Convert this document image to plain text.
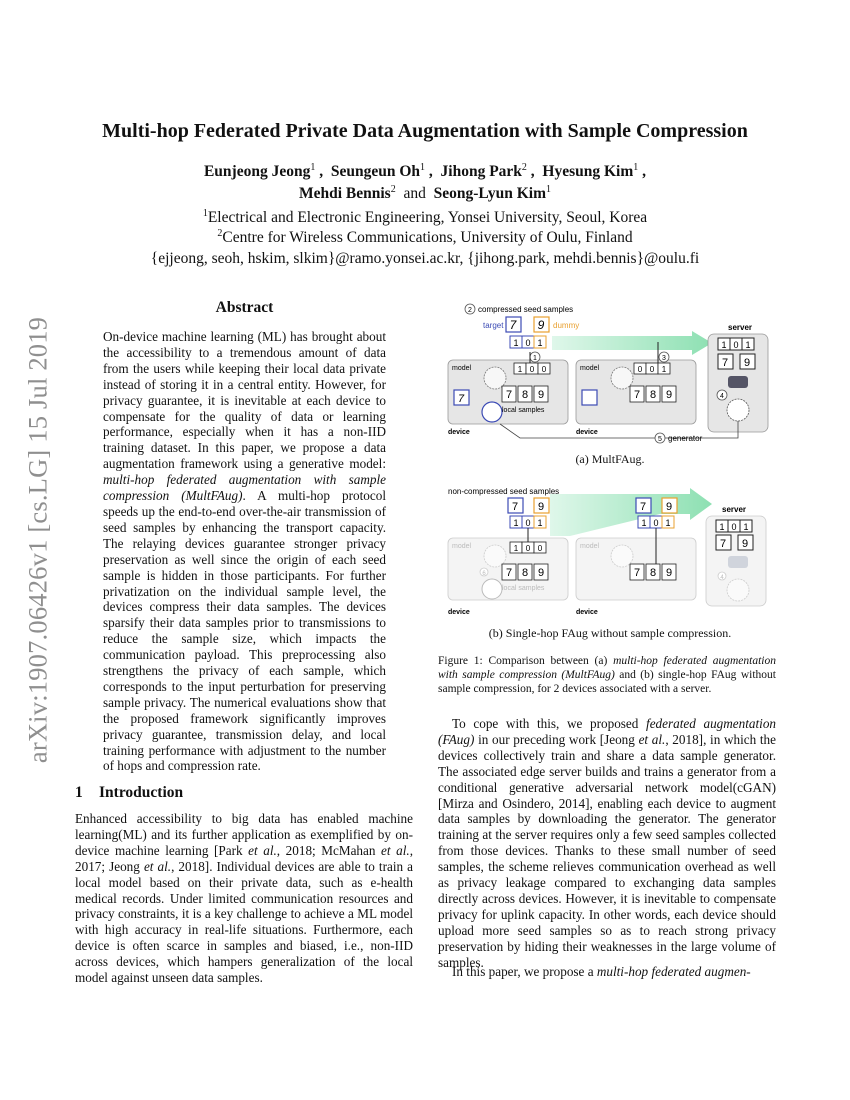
arXiv:1907.06426v1 [cs.LG] 15 Jul 2019
Multi-hop Federated Private Data Augmentation with Sample Compression
Eunjeong Jeong$^1$ ,  Seungeun Oh$^1$ ,  Jihong Park$^2$ ,  Hyesung Kim$^1$ ,
Mehdi Bennis$^2$ and Seong-Lyun Kim$^1$
$^1$Electrical and Electronic Engineering, Yonsei University, Seoul, Korea
$^2$Centre for Wireless Communications, University of Oulu, Finland
{ejjeong, seoh, hskim, slkim}@ramo.yonsei.ac.kr, {jihong.park, mehdi.bennis}@oulu.fi
Abstract
On-device machine learning (ML) has brought about the accessibility to a tremendous amount of data from the users while keeping their local data private instead of storing it in a central entity. However, for privacy guarantee, it is inevitable at each device to compensate for the quality of data or learning performance, especially when it has a non-IID training dataset. In this paper, we propose a data augmentation framework using a generative model: multi-hop federated augmentation with sample compression (MultFAug). A multi-hop protocol speeds up the end-to-end over-the-air transmission of seed samples by enhancing the transport capacity. The relaying devices guarantee stronger privacy preservation as well since the origin of each seed sample is hidden in those participants. For further privatization on the individual sample level, the devices compress their data samples. The devices sparsify their data samples prior to transmissions to reduce the sample size, which impacts the communication payload. This preprocessing also strengthens the privacy of each sample, which corresponds to the input perturbation for preserving sample privacy. The numerical evaluations show that the proposed framework significantly improves privacy guarantee, transmission delay, and local training performance with adjustment to the number of hops and compression rate.
1 Introduction
Enhanced accessibility to big data has enabled machine learning(ML) and its further application as exemplified by on-device machine learning [Park et al., 2018; McMahan et al., 2017; Jeong et al., 2018]. Individual devices are able to train a local model based on their private data, such as e-health medical records. Under limited communication resources and privacy constraints, it is a key challenge to achieve a ML model with high accuracy in real-life situations. Furthermore, each device is often scarce in samples and biased, i.e., non-IID across devices, which hampers generalization of the local model against unseen data samples.
2 compressed seed samples
target 7 9 dummy
1 0 1
model
1
1 0 0
7	7 8 9
local samples
device
model
3
0 0 1
7 8 9
device
server
1 0 1
7 9
4
5 generator
(a) MultFAug.
non-compressed seed samples
7 9
1 0 1
7 9
1 0 1
model	1 0 0
6 7 8 9
local samples
device
model
7 8 9
device
server
1 0 1
7 9
4
(b) Single-hop FAug without sample compression.
Figure 1: Comparison between (a) multi-hop federated augmentation with sample compression (MultFAug) and (b) single-hop FAug without sample compression, for 2 devices associated with a server.
To cope with this, we proposed federated augmentation (FAug) in our preceding work [Jeong et al., 2018], in which the devices collectively train and share a data sample generator. The associated edge server builds and trains a generator from a conditional generative adversarial network model(cGAN) [Mirza and Osindero, 2014], enabling each device to augment data samples by downloading the generator. The generator training at the server requires only a few seed samples collected from those devices. Thanks to these small number of seed samples, the scheme relieves communication overhead as well as privacy leakage compared to exchanging data samples directly across devices. However, it is inevitable to compensate privacy for uplink capacity. In other words, each device should upload more seed samples so as to reach strong privacy preservation by hiding their weaknesses in the large volume of samples.
In this paper, we propose a multi-hop federated augmen-
